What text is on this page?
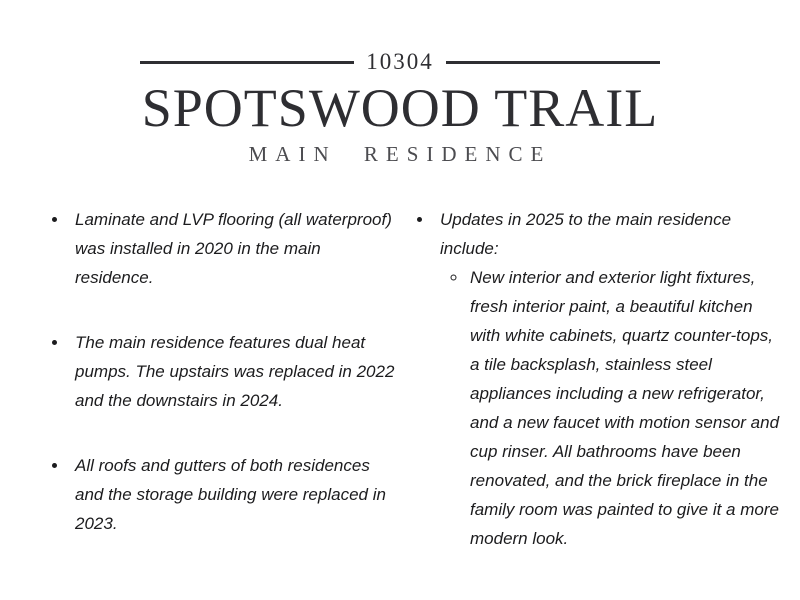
10304
SPOTSWOOD TRAIL
MAIN RESIDENCE
• Laminate and LVP flooring (all waterproof) was installed in 2020 in the main residence.
• The main residence features dual heat pumps. The upstairs was replaced in 2022 and the downstairs in 2024.
• All roofs and gutters of both residences and the storage building were replaced in 2023.
• Updates in 2025 to the main residence include:
◦ New interior and exterior light fixtures, fresh interior paint, a beautiful kitchen with white cabinets, quartz counter-tops, a tile backsplash, stainless steel appliances including a new refrigerator, and a new faucet with motion sensor and cup rinser. All bathrooms have been renovated, and the brick fireplace in the family room was painted to give it a more modern look.
